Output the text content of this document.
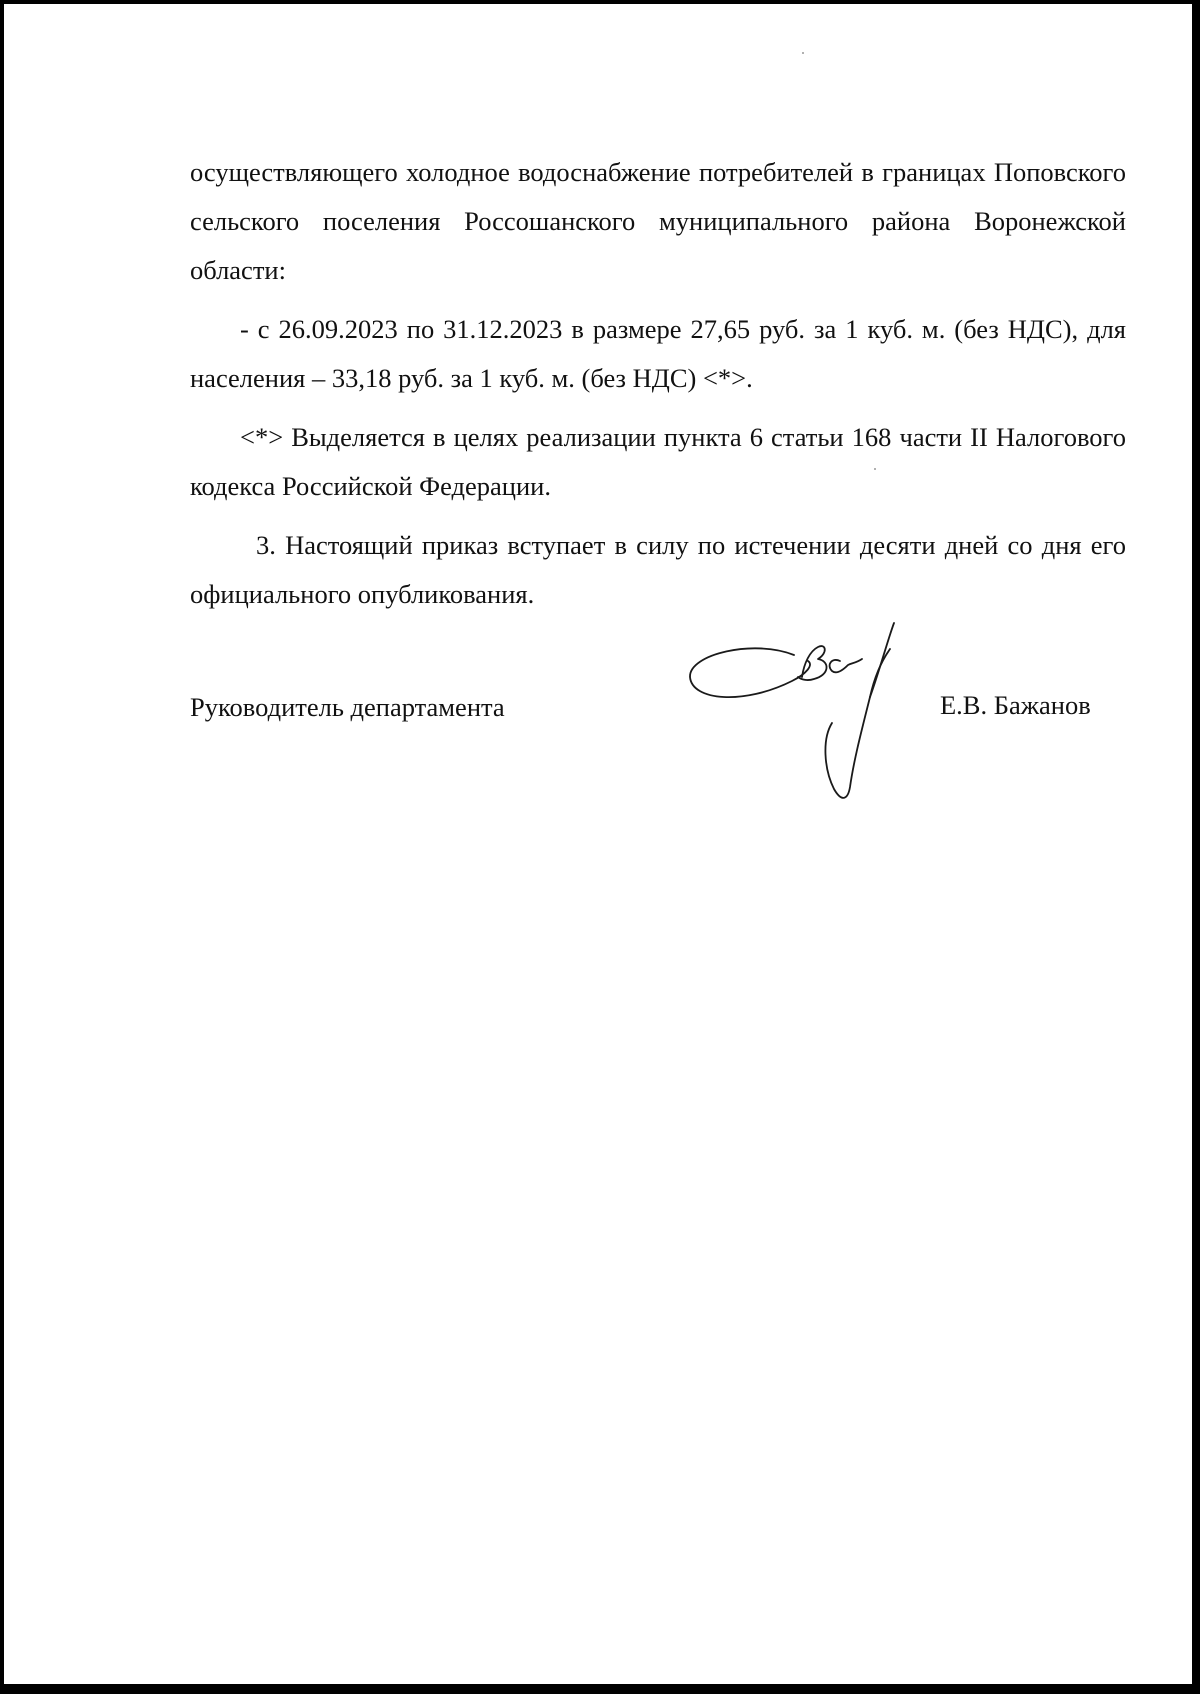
осуществляющего холодное водоснабжение потребителей в границах Поповского сельского поселения Россошанского муниципального района Воронежской области:

- с 26.09.2023 по 31.12.2023 в размере 27,65 руб. за 1 куб. м. (без НДС), для населения – 33,18 руб. за 1 куб. м. (без НДС) <*>.

<*> Выделяется в целях реализации пункта 6 статьи 168 части II Налогового кодекса Российской Федерации.

3. Настоящий приказ вступает в силу по истечении десяти дней со дня его официального опубликования.

Руководитель департамента	Е.В. Бажанов
